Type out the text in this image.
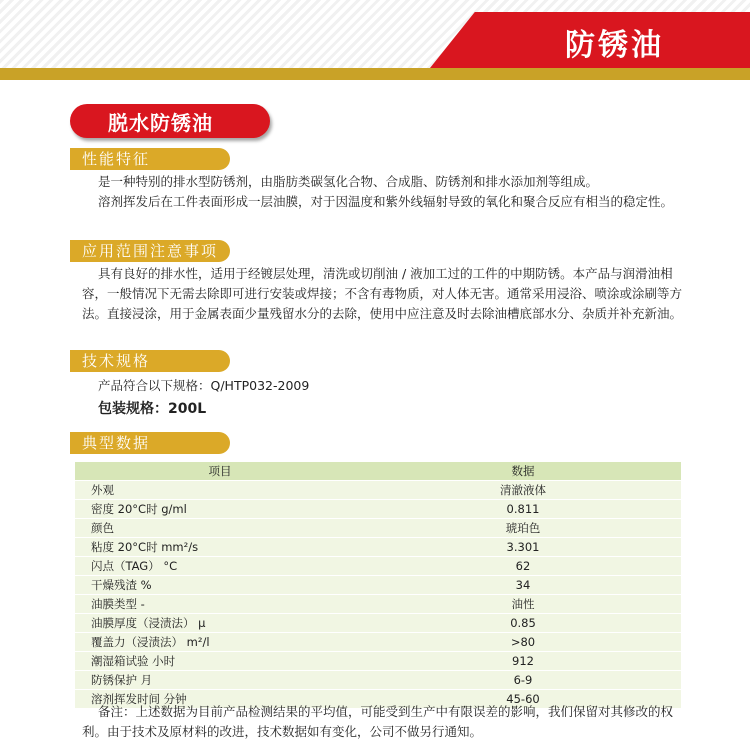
防锈油
脱水防锈油
性能特征

是一种特别的排水型防锈剂，由脂肪类碳氢化合物、合成脂、防锈剂和排水添加剂等组成。

溶剂挥发后在工件表面形成一层油膜，对于因温度和紫外线辐射导致的氧化和聚合反应有相当的稳定性。

应用范围注意事项

具有良好的排水性，适用于经镀层处理，清洗或切削油 / 液加工过的工件的中期防锈。本产品与润滑油相容，一般情况下无需去除即可进行安装或焊接；不含有毒物质，对人体无害。通常采用浸浴、喷涂或涂刷等方法。直接浸涂，用于金属表面少量残留水分的去除，使用中应注意及时去除油槽底部水分、杂质并补充新油。

技术规格
产品符合以下规格：Q/HTP032-2009
包装规格：200L
典型数据
项目	数据
外观	清澈液体
密度 20°C时 g/ml	0.811
颜色	琥珀色
粘度 20°C时 mm²/s	3.301
闪点（TAG） °C	62
干燥残渣 %	34
油膜类型 -	油性
油膜厚度（浸渍法） μ	0.85
覆盖力（浸渍法） m²/l	>80
潮湿箱试验 小时	912
防锈保护 月	6-9
溶剂挥发时间 分钟	45-60

备注：上述数据为目前产品检测结果的平均值，可能受到生产中有限误差的影响，我们保留对其修改的权利。由于技术及原材料的改进，技术数据如有变化，公司不做另行通知。
